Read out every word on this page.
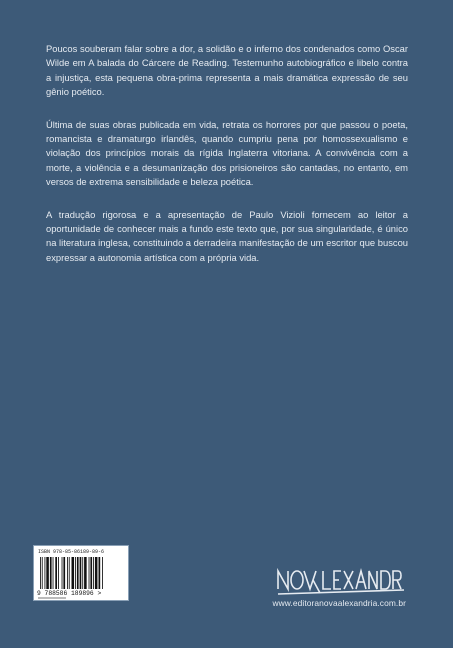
Poucos souberam falar sobre a dor, a solidão e o inferno dos condenados como Oscar Wilde em A balada do Cárcere de Reading. Testemunho autobiográfico e libelo contra a injustiça, esta pequena obra-prima representa a mais dramática expressão de seu gênio poético.

Última de suas obras publicada em vida, retrata os horrores por que passou o poeta, romancista e dramaturgo irlandês, quando cumpriu pena por homossexualismo e violação dos princípios morais da rígida Inglaterra vitoriana. A convivência com a morte, a violência e a desumanização dos prisioneiros são cantadas, no entanto, em versos de extrema sensibilidade e beleza poética.

A tradução rigorosa e a apresentação de Paulo Vizioli fornecem ao leitor a oportunidade de conhecer mais a fundo este texto que, por sua singularidade, é único na literatura inglesa, constituindo a derradeira manifestação de um escritor que buscou expressar a autonomia artística com a própria vida.

ISBN 978-85-86189-89-6
9 788586 189896 >
www.editoranovaalexandria.com.br
